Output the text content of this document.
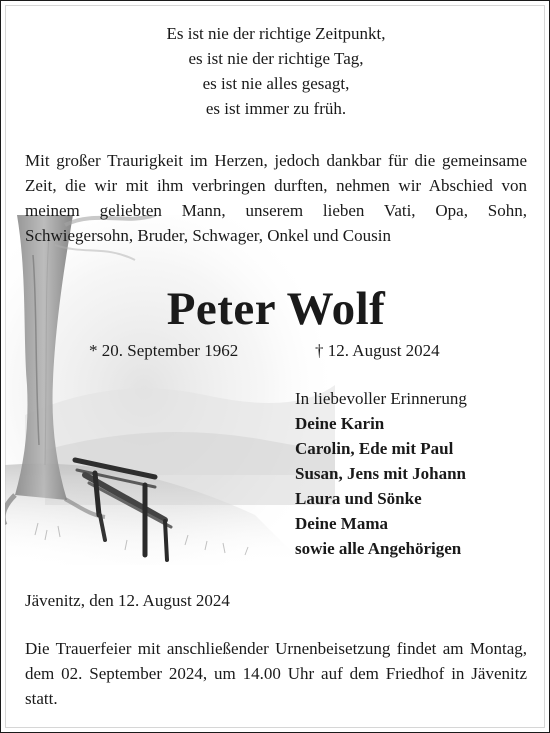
Es ist nie der richtige Zeitpunkt,
es ist nie der richtige Tag,
es ist nie alles gesagt,
es ist immer zu früh.
Mit großer Traurigkeit im Herzen, jedoch dankbar für die gemeinsame Zeit, die wir mit ihm verbringen durften, nehmen wir Abschied von meinem geliebten Mann, unserem lieben Vati, Opa, Sohn, Schwiegersohn, Bruder, Schwager, Onkel und Cousin
Peter Wolf
* 20. September 1962	† 12. August 2024
In liebevoller Erinnerung
Deine Karin
Carolin, Ede mit Paul
Susan, Jens mit Johann
Laura und Sönke
Deine Mama
sowie alle Angehörigen
Jävenitz, den 12. August 2024
Die Trauerfeier mit anschließender Urnenbeisetzung findet am Montag, dem 02. September 2024, um 14.00 Uhr auf dem Friedhof in Jävenitz statt.
